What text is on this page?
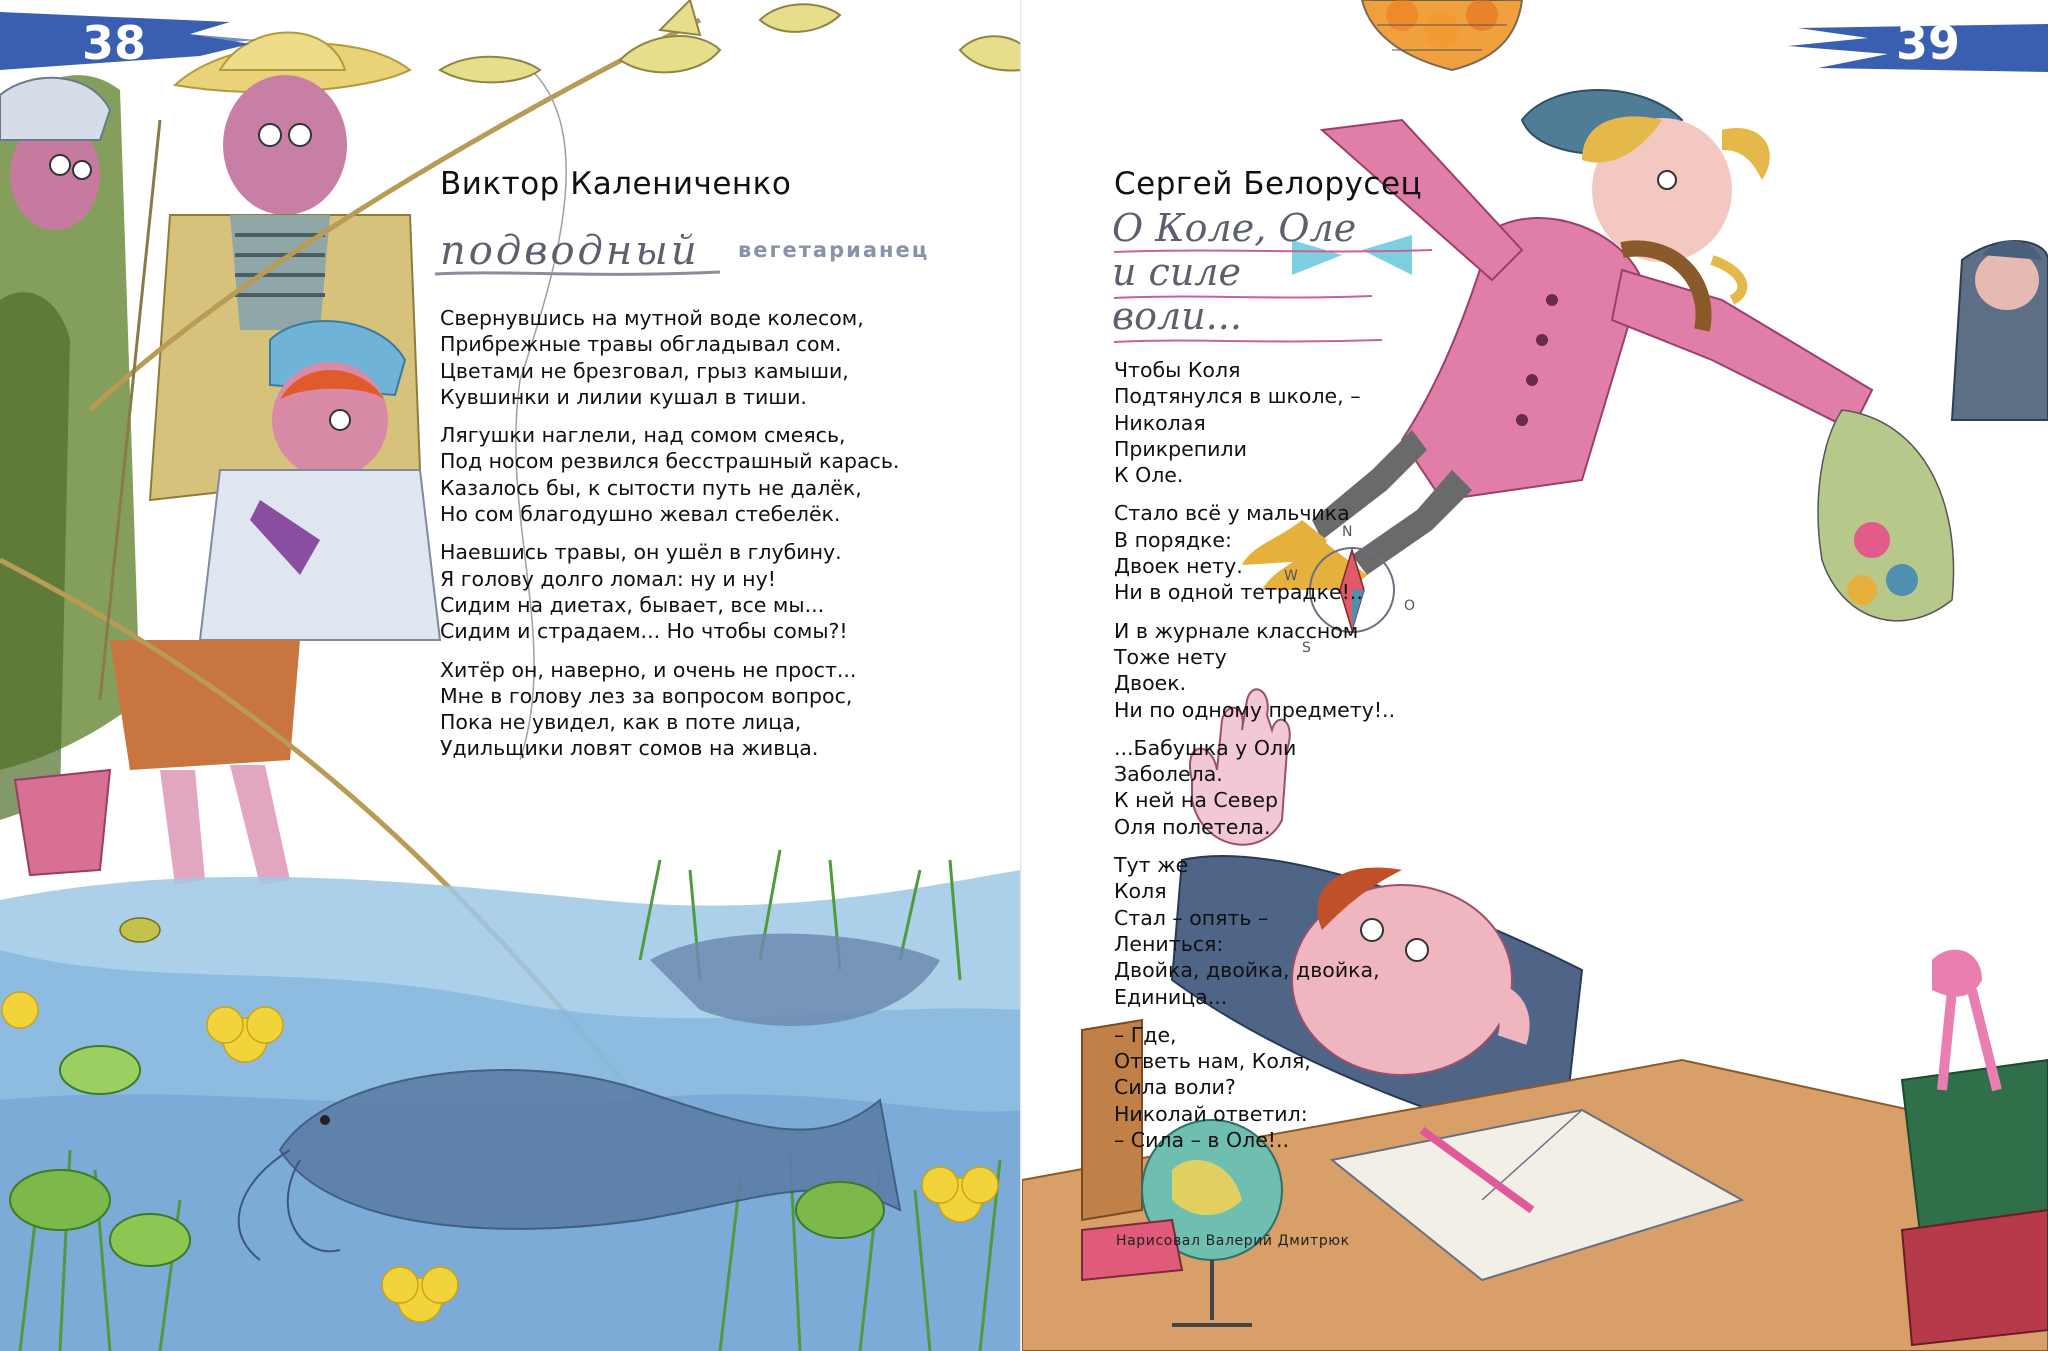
38
Виктор Калениченко
подводный вегетарианец
Свернувшись на мутной воде колесом,
Прибрежные травы обгладывал сом.
Цветами не брезговал, грыз камыши,
Кувшинки и лилии кушал в тиши.
Лягушки наглели, над сомом смеясь,
Под носом резвился бесстрашный карась.
Казалось бы, к сытости путь не далёк,
Но сом благодушно жевал стебелёк.
Наевшись травы, он ушёл в глубину.
Я голову долго ломал: ну и ну!
Сидим на диетах, бывает, все мы...
Сидим и страдаем... Но чтобы сомы?!
Хитёр он, наверно, и очень не прост...
Мне в голову лез за вопросом вопрос,
Пока не увидел, как в поте лица,
Удильщики ловят сомов на живца.
N
W
O
S
39
Сергей Белорусец
О Коле, Оле
и силе
воли...
Чтобы Коля
Подтянулся в школе, –
Николая
Прикрепили
К Оле.
Стало всё у мальчика
В порядке:
Двоек нету.
Ни в одной тетрадке!..
И в журнале классном
Тоже нету
Двоек.
Ни по одному предмету!..
...Бабушка у Оли
Заболела.
К ней на Север
Оля полетела.
Тут же
Коля
Стал – опять –
Лениться:
Двойка, двойка, двойка,
Единица...
– Где,
Ответь нам, Коля,
Сила воли?
Николай ответил:
– Сила – в Оле!..
Нарисовал Валерий Дмитрюк
